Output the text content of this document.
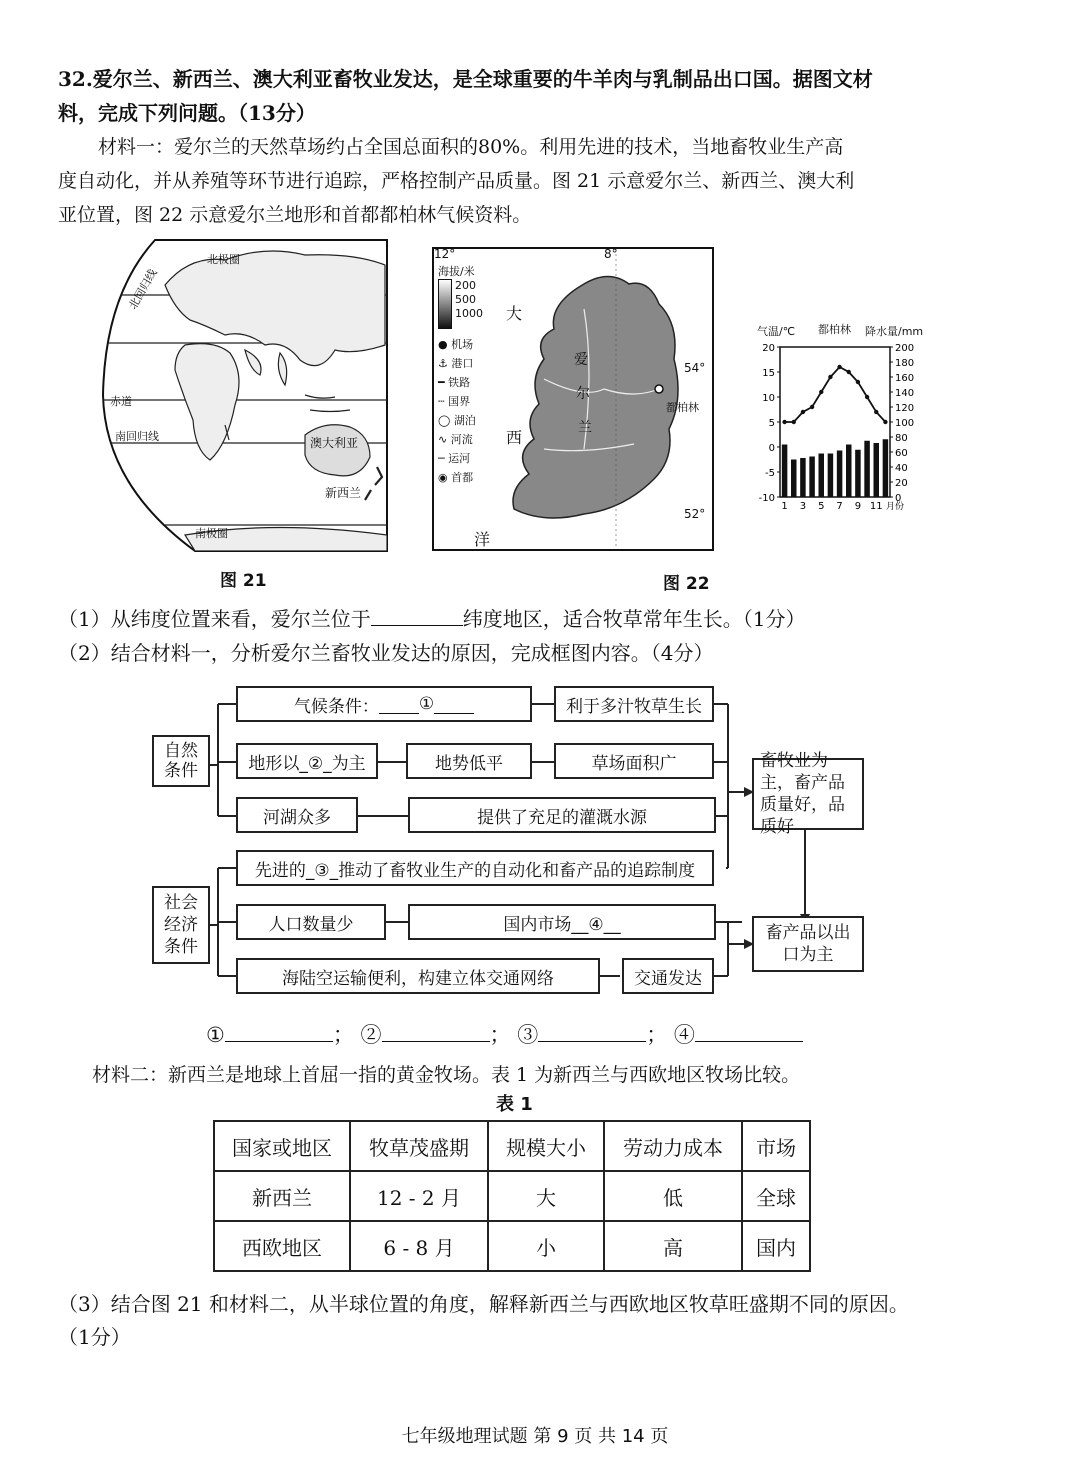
32.爱尔兰、新西兰、澳大利亚畜牧业发达，是全球重要的牛羊肉与乳制品出口国。据图文材
料，完成下列问题。（13分）
材料一：爱尔兰的天然草场约占全国总面积的80%。利用先进的技术，当地畜牧业生产高
度自动化，并从养殖等环节进行追踪，严格控制产品质量。图 21 示意爱尔兰、新西兰、澳大利
亚位置，图 22 示意爱尔兰地形和首都都柏林气候资料。
北极圈
北回归线
赤道
南回归线	澳大利亚
新西兰
南极圈
图 21
12°	8°
54°
52°
大
西
洋
爱
尔
兰
都柏林
海拔/米
200
500
1000
● 机场
⚓ 港口
━ 铁路
┄ 国界
◯ 湖泊
∿ 河流
─ 运河
◉ 首都
20
15
10
5
0
-5
-10
200
180
160
140
120
100
80
60
40
20
0
1 3 5 7 9 11 月份
气温/℃ 都柏林 降水量/mm
图 22
（1）从纬度位置来看，爱尔兰位于	纬度地区，适合牧草常年生长。（1分）
（2）结合材料一，分析爱尔兰畜牧业发达的原因，完成框图内容。（4分）
自然条件
社会经济条件
气候条件： ①	利于多汁牧草生长
地形以_②_为主	地势低平	草场面积广
河湖众多	提供了充足的灌溉水源
先进的_③_推动了畜牧业生产的自动化和畜产品的追踪制度
人口数量少	国内市场__④__
海陆空运输便利，构建立体交通网络	交通发达
畜牧业为主，畜产品质量好，品质好
畜产品以出口为主
①	； ②	； ③	； ④
材料二：新西兰是地球上首屈一指的黄金牧场。表 1 为新西兰与西欧地区牧场比较。
表 1
国家或地区	牧草茂盛期	规模大小	劳动力成本	市场
新西兰	12 - 2 月	大	低	全球
西欧地区	6 - 8 月	小	高	国内
（3）结合图 21 和材料二，从半球位置的角度，解释新西兰与西欧地区牧草旺盛期不同的原因。
（1分）
七年级地理试题 第 9 页 共 14 页
